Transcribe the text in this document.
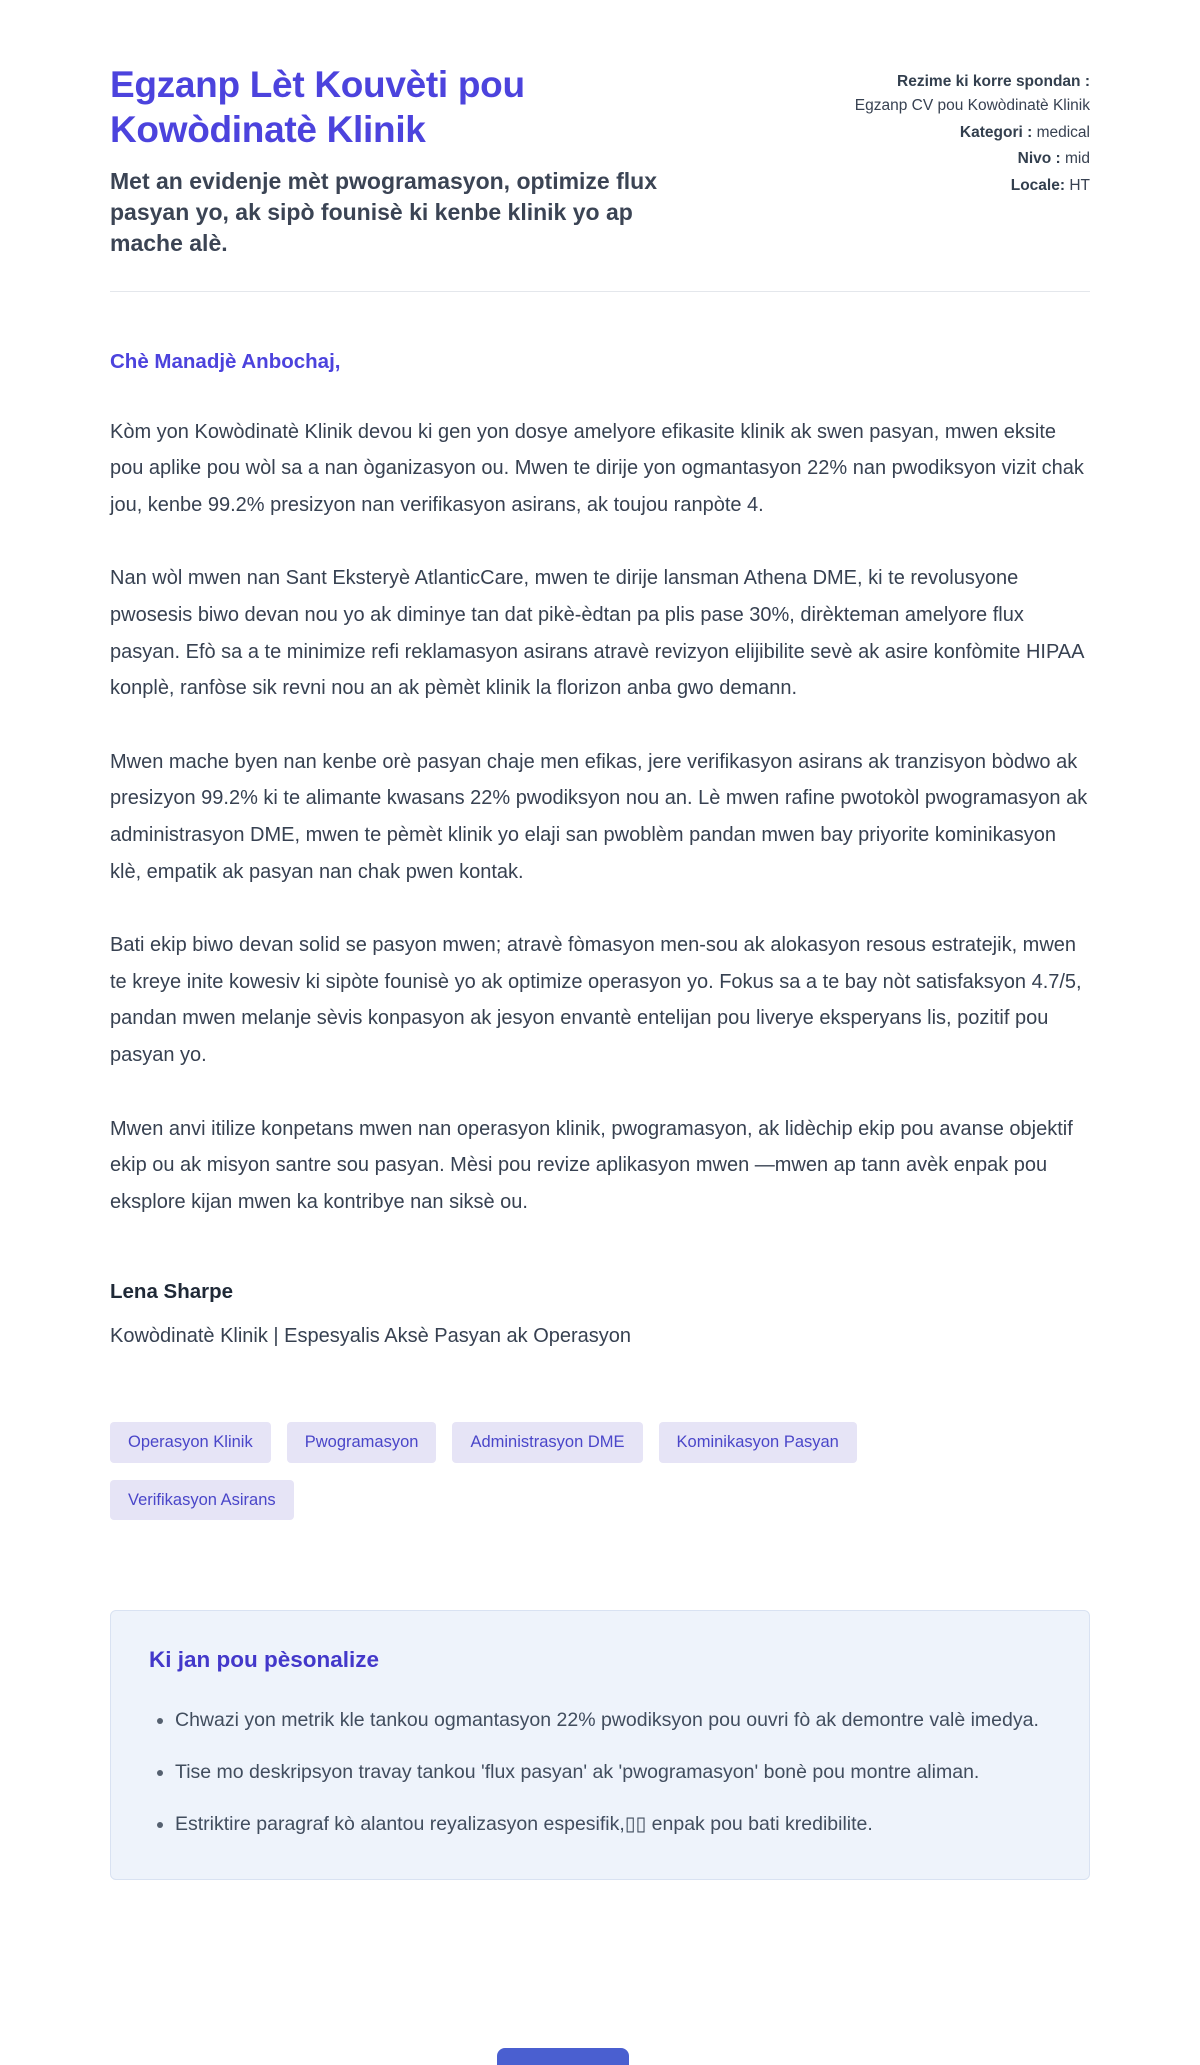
Egzanp Lèt Kouvèti pou Kowòdinatè Klinik

Met an evidenje mèt pwogramasyon, optimize flux pasyan yo, ak sipò founisè ki kenbe klinik yo ap mache alè.

Rezime ki korre spondan : Egzanp CV pou Kowòdinatè Klinik

Kategori : medical

Nivo : mid

Locale: HT

Chè Manadjè Anbochaj,

Kòm yon Kowòdinatè Klinik devou ki gen yon dosye amelyore efikasite klinik ak swen pasyan, mwen eksite pou aplike pou wòl sa a nan òganizasyon ou. Mwen te dirije yon ogmantasyon 22% nan pwodiksyon vizit chak jou, kenbe 99.2% presizyon nan verifikasyon asirans, ak toujou ranpòte 4.

Nan wòl mwen nan Sant Eksteryè AtlanticCare, mwen te dirije lansman Athena DME, ki te revolusyone pwosesis biwo devan nou yo ak diminye tan dat pikè-èdtan pa plis pase 30%, dirèkteman amelyore flux pasyan. Efò sa a te minimize refi reklamasyon asirans atravè revizyon elijibilite sevè ak asire konfòmite HIPAA konplè, ranfòse sik revni nou an ak pèmèt klinik la florizon anba gwo demann.

Mwen mache byen nan kenbe orè pasyan chaje men efikas, jere verifikasyon asirans ak tranzisyon bòdwo ak presizyon 99.2% ki te alimante kwasans 22% pwodiksyon nou an. Lè mwen rafine pwotokòl pwogramasyon ak administrasyon DME, mwen te pèmèt klinik yo elaji san pwoblèm pandan mwen bay priyorite kominikasyon klè, empatik ak pasyan nan chak pwen kontak.

Bati ekip biwo devan solid se pasyon mwen; atravè fòmasyon men-sou ak alokasyon resous estratejik, mwen te kreye inite kowesiv ki sipòte founisè yo ak optimize operasyon yo. Fokus sa a te bay nòt satisfaksyon 4.7/5, pandan mwen melanje sèvis konpasyon ak jesyon envantè entelijan pou liverye eksperyans lis, pozitif pou pasyan yo.

Mwen anvi itilize konpetans mwen nan operasyon klinik, pwogramasyon, ak lidèchip ekip pou avanse objektif ekip ou ak misyon santre sou pasyan. Mèsi pou revize aplikasyon mwen —mwen ap tann avèk enpak pou eksplore kijan mwen ka kontribye nan siksè ou.

Lena Sharpe

Kowòdinatè Klinik | Espesyalis Aksè Pasyan ak Operasyon

Operasyon Klinik	Pwogramasyon	Administrasyon DME	Kominikasyon Pasyan
Verifikasyon Asirans
Ki jan pou pèsonalize
• Chwazi yon metrik kle tankou ogmantasyon 22% pwodiksyon pou ouvri fò ak demontre valè imedya.
• Tise mo deskripsyon travay tankou 'flux pasyan' ak 'pwogramasyon' bonè pou montre aliman.
• Estriktire paragraf kò alantou reyalizasyon espesifik,▯▯ enpak pou bati kredibilite.
